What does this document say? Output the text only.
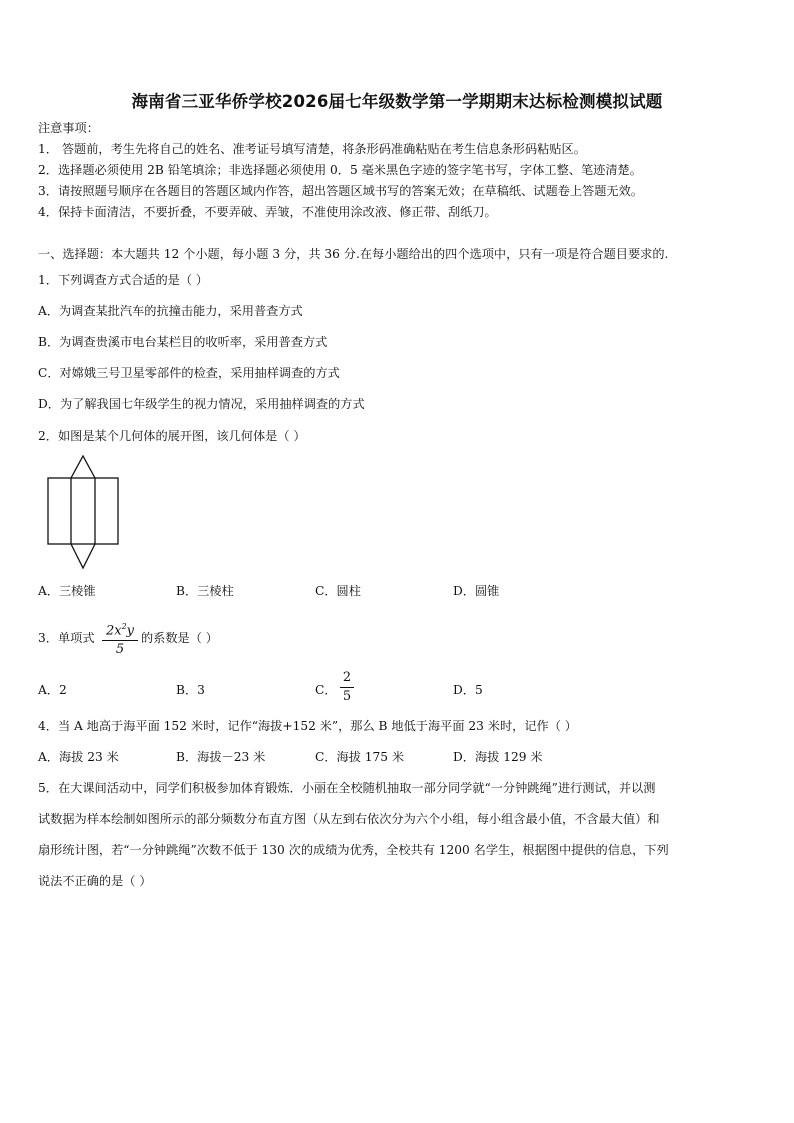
海南省三亚华侨学校2026届七年级数学第一学期期末达标检测模拟试题
注意事项：
1． 答题前，考生先将自己的姓名、准考证号填写清楚，将条形码准确粘贴在考生信息条形码粘贴区。
2．选择题必须使用 2B 铅笔填涂；非选择题必须使用 0．5 毫米黑色字迹的签字笔书写，字体工整、笔迹清楚。
3．请按照题号顺序在各题目的答题区域内作答，超出答题区域书写的答案无效；在草稿纸、试题卷上答题无效。
4．保持卡面清洁，不要折叠，不要弄破、弄皱，不准使用涂改液、修正带、刮纸刀。
一、选择题：本大题共 12 个小题，每小题 3 分，共 36 分.在每小题给出的四个选项中，只有一项是符合题目要求的.
1．下列调查方式合适的是（ ）
A．为调查某批汽车的抗撞击能力，采用普查方式
B．为调查贵溪市电台某栏目的收听率，采用普查方式
C．对嫦娥三号卫星零部件的检查，采用抽样调查的方式
D．为了解我国七年级学生的视力情况，采用抽样调查的方式
2．如图是某个几何体的展开图，该几何体是（ ）
A．三棱锥	B．三棱柱	C．圆柱	D．圆锥
3．单项式 $\frac{2x^2y}{5}$ 的系数是（ ）
A．2	B．3	C． $\frac{2}{5}$	D．5
4．当 A 地高于海平面 152 米时，记作“海拔+152 米”，那么 B 地低于海平面 23 米时，记作（ ）
A．海拔 23 米	B．海拔－23 米	C．海拔 175 米	D．海拔 129 米
5．在大课间活动中，同学们积极参加体育锻炼．小丽在全校随机抽取一部分同学就“一分钟跳绳”进行测试，并以测
试数据为样本绘制如图所示的部分频数分布直方图（从左到右依次分为六个小组，每小组含最小值，不含最大值）和
扇形统计图，若“一分钟跳绳”次数不低于 130 次的成绩为优秀，全校共有 1200 名学生，根据图中提供的信息，下列
说法不正确的是（ ）
